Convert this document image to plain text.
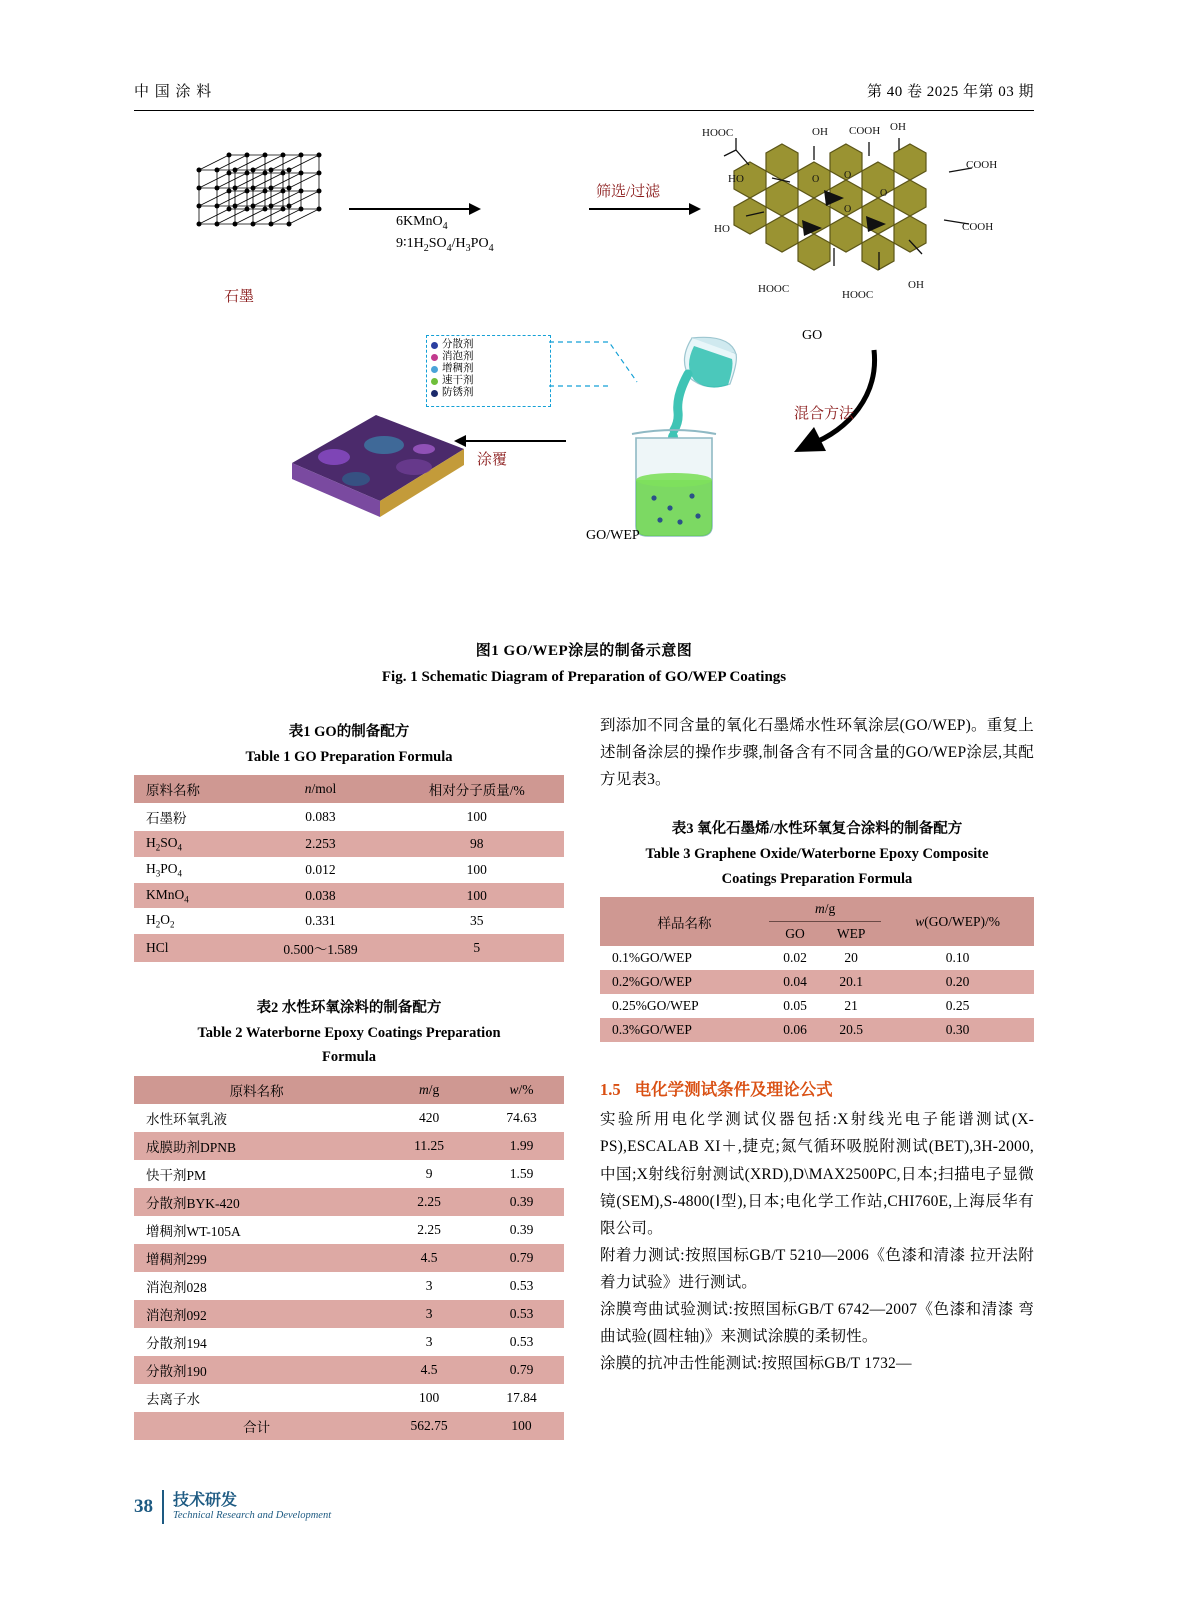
中 国 涂 料	第 40 卷 2025 年第 03 期
石墨
6KMnO$_4$
$9∶1H_2SO_4/H_3PO_4$
筛选/过滤
HOOC	OH COOH OH
COOH
COOH
HO
HO
HOOC	HOOC
OH
O O
O
O
GO
混合方法
GO/WEP
分散剂
消泡剂
增稠剂
速干剂
防锈剂
涂覆
图1 GO/WEP涂层的制备示意图
Fig. 1 Schematic Diagram of Preparation of GO/WEP Coatings
表1 GO的制备配方
Table 1 GO Preparation Formula
原料名称	n/mol	相对分子质量/%
石墨粉	0.083	100
$H_2SO_4$	2.253	98
$H_3PO_4$	0.012	100
KMnO$_4$	0.038	100
$H_2O_2$	0.331	35
HCl	0.500～1.589	5
表2 水性环氧涂料的制备配方
Table 2 Waterborne Epoxy Coatings Preparation
Formula
原料名称	m/g	w/%
水性环氧乳液	420	74.63
成膜助剂DPNB	11.25	1.99
快干剂PM	9	1.59
分散剂BYK-420	2.25	0.39
增稠剂WT-105A	2.25	0.39
增稠剂299	4.5	0.79
消泡剂028	3	0.53
消泡剂092	3	0.53
分散剂194	3	0.53
分散剂190	4.5	0.79
去离子水	100	17.84
合计	562.75	100

到添加不同含量的氧化石墨烯水性环氧涂层(GO/WEP)。重复上述制备涂层的操作步骤,制备含有不同含量的GO/WEP涂层,其配方见表3。

表3 氧化石墨烯/水性环氧复合涂料的制备配方
Table 3 Graphene Oxide/Waterborne Epoxy Composite
Coatings Preparation Formula
样品名称	m/g		w(GO/WEP)/%
	GO	WEP	
0.1%GO/WEP	0.02	20	0.10
0.2%GO/WEP	0.04	20.1	0.20
0.25%GO/WEP	0.05	21	0.25
0.3%GO/WEP	0.06	20.5	0.30
1.5 电化学测试条件及理论公式

实验所用电化学测试仪器包括:X射线光电子能谱测试(X-PS),ESCALAB XI＋,捷克;氮气循环吸脱附测试(BET),3H-2000,中国;X射线衍射测试(XRD),D\MAX2500PC,日本;扫描电子显微镜(SEM),S-4800(Ⅰ型),日本;电化学工作站,CHI760E,上海辰华有限公司。

附着力测试:按照国标GB/T 5210—2006《色漆和清漆 拉开法附着力试验》进行测试。

涂膜弯曲试验测试:按照国标GB/T 6742—2007《色漆和清漆 弯曲试验(圆柱轴)》来测试涂膜的柔韧性。

涂膜的抗冲击性能测试:按照国标GB/T 1732—

38 技术研发
Technical Research and Development
